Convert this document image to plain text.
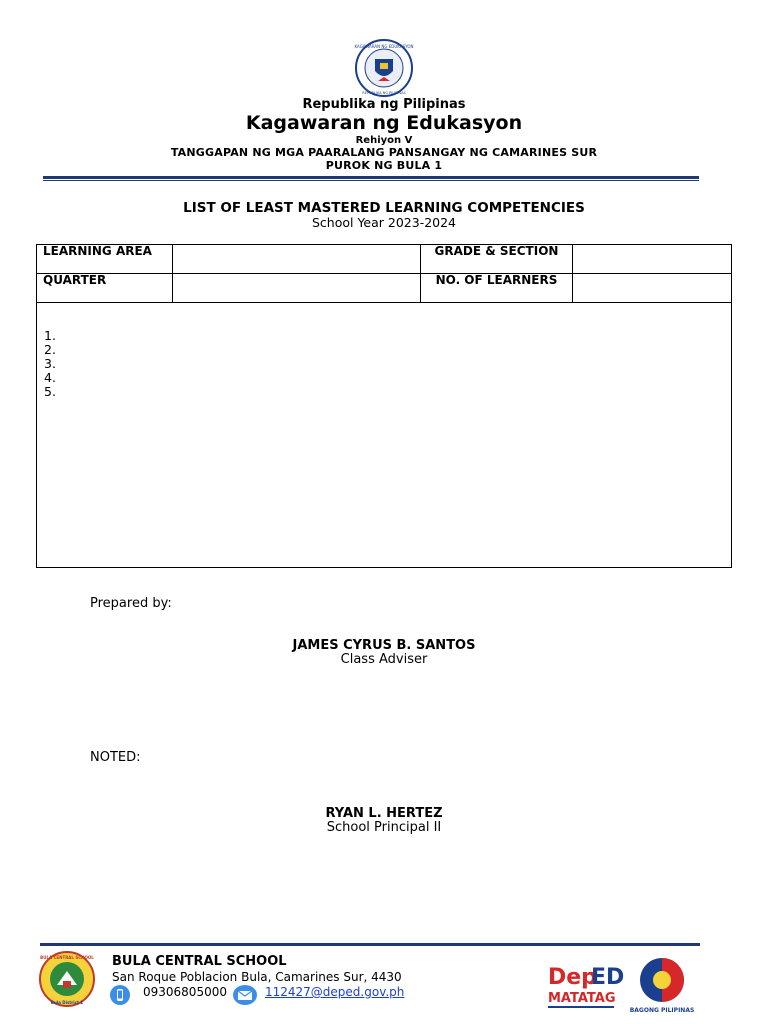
KAGAWARAN NG EDUKASYON
REPUBLIKA NG PILIPINAS
Republika ng Pilipinas
Kagawaran ng Edukasyon
Rehiyon V
TANGGAPAN NG MGA PAARALANG PANSANGAY NG CAMARINES SUR
PUROK NG BULA 1
LIST OF LEAST MASTERED LEARNING COMPETENCIES
School Year 2023-2024
LEARNING AREA		GRADE & SECTION	
QUARTER		NO. OF LEARNERS	
1.
2.
3.
4.
5.
Prepared by:
JAMES CYRUS B. SANTOS
Class Adviser
NOTED:
RYAN L. HERTEZ
School Principal II
BULA CENTRAL SCHOOL
Bula District 1
BULA CENTRAL SCHOOL
San Roque Poblacion Bula, Camarines Sur, 4430
09306805000	112427@deped.gov.ph
Dep
ED
MATATAG
BAGONG PILIPINAS
